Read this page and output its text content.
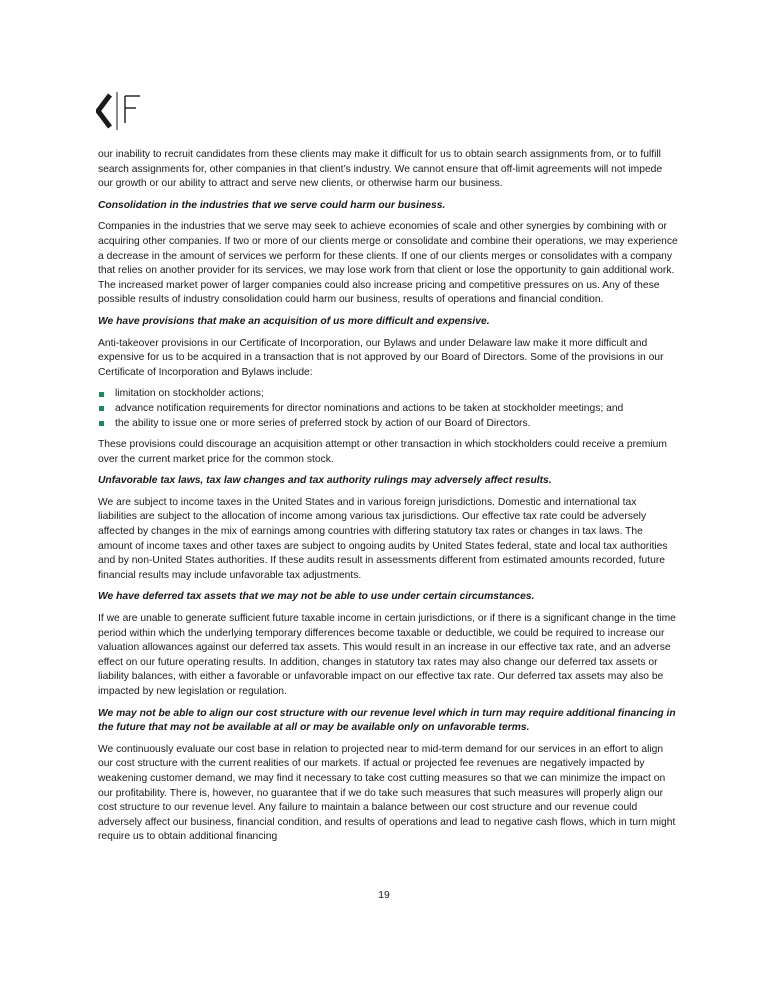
our inability to recruit candidates from these clients may make it difficult for us to obtain search assignments from, or to fulfill search assignments for, other companies in that client’s industry. We cannot ensure that off-limit agreements will not impede our growth or our ability to attract and serve new clients, or otherwise harm our business.

Consolidation in the industries that we serve could harm our business.

Companies in the industries that we serve may seek to achieve economies of scale and other synergies by combining with or acquiring other companies. If two or more of our clients merge or consolidate and combine their operations, we may experience a decrease in the amount of services we perform for these clients. If one of our clients merges or consolidates with a company that relies on another provider for its services, we may lose work from that client or lose the opportunity to gain additional work. The increased market power of larger companies could also increase pricing and competitive pressures on us. Any of these possible results of industry consolidation could harm our business, results of operations and financial condition.

We have provisions that make an acquisition of us more difficult and expensive.

Anti-takeover provisions in our Certificate of Incorporation, our Bylaws and under Delaware law make it more difficult and expensive for us to be acquired in a transaction that is not approved by our Board of Directors. Some of the provisions in our Certificate of Incorporation and Bylaws include:

limitation on stockholder actions;
advance notification requirements for director nominations and actions to be taken at stockholder meetings; and
the ability to issue one or more series of preferred stock by action of our Board of Directors.

These provisions could discourage an acquisition attempt or other transaction in which stockholders could receive a premium over the current market price for the common stock.

Unfavorable tax laws, tax law changes and tax authority rulings may adversely affect results.

We are subject to income taxes in the United States and in various foreign jurisdictions. Domestic and international tax liabilities are subject to the allocation of income among various tax jurisdictions. Our effective tax rate could be adversely affected by changes in the mix of earnings among countries with differing statutory tax rates or changes in tax laws. The amount of income taxes and other taxes are subject to ongoing audits by United States federal, state and local tax authorities and by non-United States authorities. If these audits result in assessments different from estimated amounts recorded, future financial results may include unfavorable tax adjustments.

We have deferred tax assets that we may not be able to use under certain circumstances.

If we are unable to generate sufficient future taxable income in certain jurisdictions, or if there is a significant change in the time period within which the underlying temporary differences become taxable or deductible, we could be required to increase our valuation allowances against our deferred tax assets. This would result in an increase in our effective tax rate, and an adverse effect on our future operating results. In addition, changes in statutory tax rates may also change our deferred tax assets or liability balances, with either a favorable or unfavorable impact on our effective tax rate. Our deferred tax assets may also be impacted by new legislation or regulation.

We may not be able to align our cost structure with our revenue level which in turn may require additional financing in the future that may not be available at all or may be available only on unfavorable terms.

We continuously evaluate our cost base in relation to projected near to mid-term demand for our services in an effort to align our cost structure with the current realities of our markets. If actual or projected fee revenues are negatively impacted by weakening customer demand, we may find it necessary to take cost cutting measures so that we can minimize the impact on our profitability. There is, however, no guarantee that if we do take such measures that such measures will properly align our cost structure to our revenue level. Any failure to maintain a balance between our cost structure and our revenue could adversely affect our business, financial condition, and results of operations and lead to negative cash flows, which in turn might require us to obtain additional financing

19
